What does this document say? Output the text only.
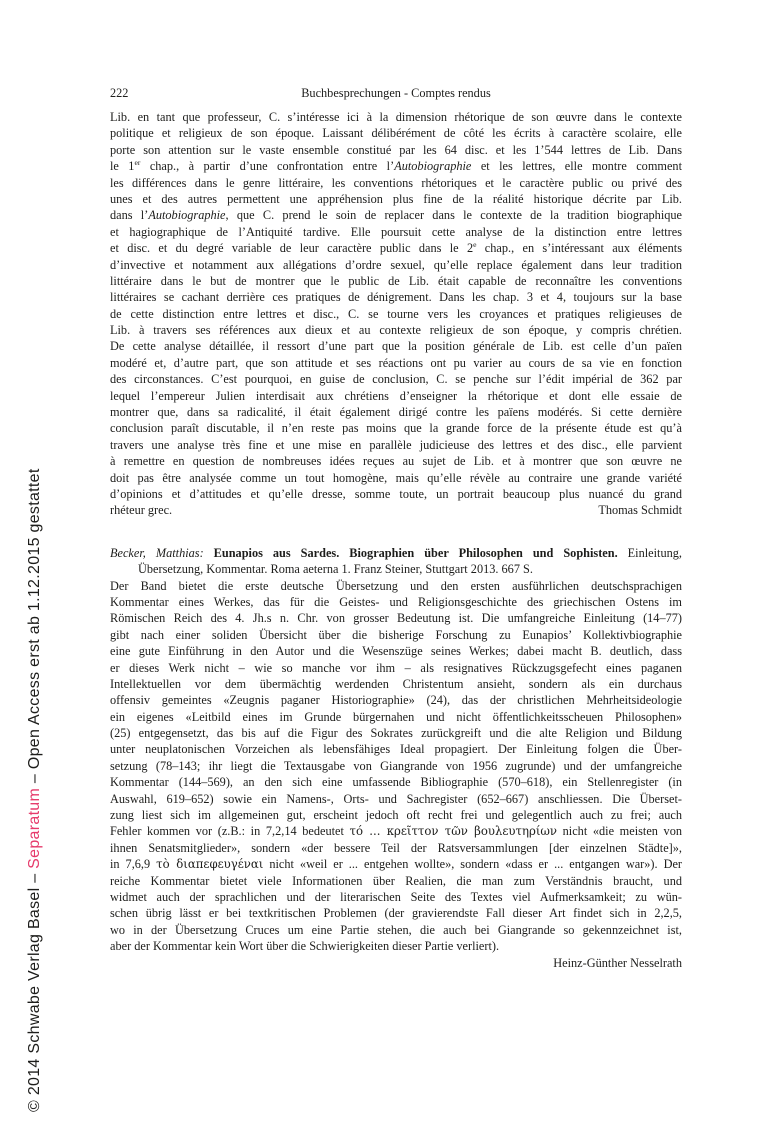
© 2014 Schwabe Verlag Basel – Separatum – Open Access erst ab 1.12.2015 gestattet
222	Buchbesprechungen - Comptes rendus
Lib. en tant que professeur, C. s’intéresse ici à la dimension rhétorique de son œuvre dans le contexte
politique et religieux de son époque. Laissant délibérément de côté les écrits à caractère scolaire, elle
porte son attention sur le vaste ensemble constitué par les 64 disc. et les 1’544 lettres de Lib. Dans
le 1er chap., à partir d’une confrontation entre l’Autobiographie et les lettres, elle montre comment
les différences dans le genre littéraire, les conventions rhétoriques et le caractère public ou privé des
unes et des autres permettent une appréhension plus fine de la réalité historique décrite par Lib.
dans l’Autobiographie, que C. prend le soin de replacer dans le contexte de la tradition biographique
et hagiographique de l’Antiquité tardive. Elle poursuit cette analyse de la distinction entre lettres
et disc. et du degré variable de leur caractère public dans le 2e chap., en s’intéressant aux éléments
d’invective et notamment aux allégations d’ordre sexuel, qu’elle replace également dans leur tradition
littéraire dans le but de montrer que le public de Lib. était capable de reconnaître les conventions
littéraires se cachant derrière ces pratiques de dénigrement. Dans les chap. 3 et 4, toujours sur la base
de cette distinction entre lettres et disc., C. se tourne vers les croyances et pratiques religieuses de
Lib. à travers ses références aux dieux et au contexte religieux de son époque, y compris chrétien.
De cette analyse détaillée, il ressort d’une part que la position générale de Lib. est celle d’un païen
modéré et, d’autre part, que son attitude et ses réactions ont pu varier au cours de sa vie en fonction
des circonstances. C’est pourquoi, en guise de conclusion, C. se penche sur l’édit impérial de 362 par
lequel l’empereur Julien interdisait aux chrétiens d’enseigner la rhétorique et dont elle essaie de
montrer que, dans sa radicalité, il était également dirigé contre les païens modérés. Si cette dernière
conclusion paraît discutable, il n’en reste pas moins que la grande force de la présente étude est qu’à
travers une analyse très fine et une mise en parallèle judicieuse des lettres et des disc., elle parvient
à remettre en question de nombreuses idées reçues au sujet de Lib. et à montrer que son œuvre ne
doit pas être analysée comme un tout homogène, mais qu’elle révèle au contraire une grande variété
d’opinions et d’attitudes et qu’elle dresse, somme toute, un portrait beaucoup plus nuancé du grand
rhéteur grec.	Thomas Schmidt
Becker, Matthias: Eunapios aus Sardes. Biographien über Philosophen und Sophisten. Einleitung,
Übersetzung, Kommentar. Roma aeterna 1. Franz Steiner, Stuttgart 2013. 667 S.
Der Band bietet die erste deutsche Übersetzung und den ersten ausführlichen deutschsprachigen
Kommentar eines Werkes, das für die Geistes- und Religionsgeschichte des griechischen Ostens im
Römischen Reich des 4. Jh.s n. Chr. von grosser Bedeutung ist. Die umfangreiche Einleitung (14–77)
gibt nach einer soliden Übersicht über die bisherige Forschung zu Eunapios’ Kollektivbiographie
eine gute Einführung in den Autor und die Wesenszüge seines Werkes; dabei macht B. deutlich, dass
er dieses Werk nicht – wie so manche vor ihm – als resignatives Rückzugsgefecht eines paganen
Intellektuellen vor dem übermächtig werdenden Christentum ansieht, sondern als ein durchaus
offensiv gemeintes «Zeugnis paganer Historiographie» (24), das der christlichen Mehrheitsideologie
ein eigenes «Leitbild eines im Grunde bürgernahen und nicht öffentlichkeitsscheuen Philosophen»
(25) entgegensetzt, das bis auf die Figur des Sokrates zurückgreift und die alte Religion und Bildung
unter neuplatonischen Vorzeichen als lebensfähiges Ideal propagiert. Der Einleitung folgen die Über-
setzung (78–143; ihr liegt die Textausgabe von Giangrande von 1956 zugrunde) und der umfangreiche
Kommentar (144–569), an den sich eine umfassende Bibliographie (570–618), ein Stellenregister (in
Auswahl, 619–652) sowie ein Namens-, Orts- und Sachregister (652–667) anschliessen. Die Überset-
zung liest sich im allgemeinen gut, erscheint jedoch oft recht frei und gelegentlich auch zu frei; auch
Fehler kommen vor (z.B.: in 7,2,14 bedeutet τό ... κρεῖττον τῶν βουλευτηρίων nicht «die meisten von
ihnen Senatsmitglieder», sondern «der bessere Teil der Ratsversammlungen [der einzelnen Städte]»,
in 7,6,9 τὸ διαπεφευγέναι nicht «weil er ... entgehen wollte», sondern «dass er ... entgangen war»). Der
reiche Kommentar bietet viele Informationen über Realien, die man zum Verständnis braucht, und
widmet auch der sprachlichen und der literarischen Seite des Textes viel Aufmerksamkeit; zu wün-
schen übrig lässt er bei textkritischen Problemen (der gravierendste Fall dieser Art findet sich in 2,2,5,
wo in der Übersetzung Cruces um eine Partie stehen, die auch bei Giangrande so gekennzeichnet ist,
aber der Kommentar kein Wort über die Schwierigkeiten dieser Partie verliert).
Heinz-Günther Nesselrath
